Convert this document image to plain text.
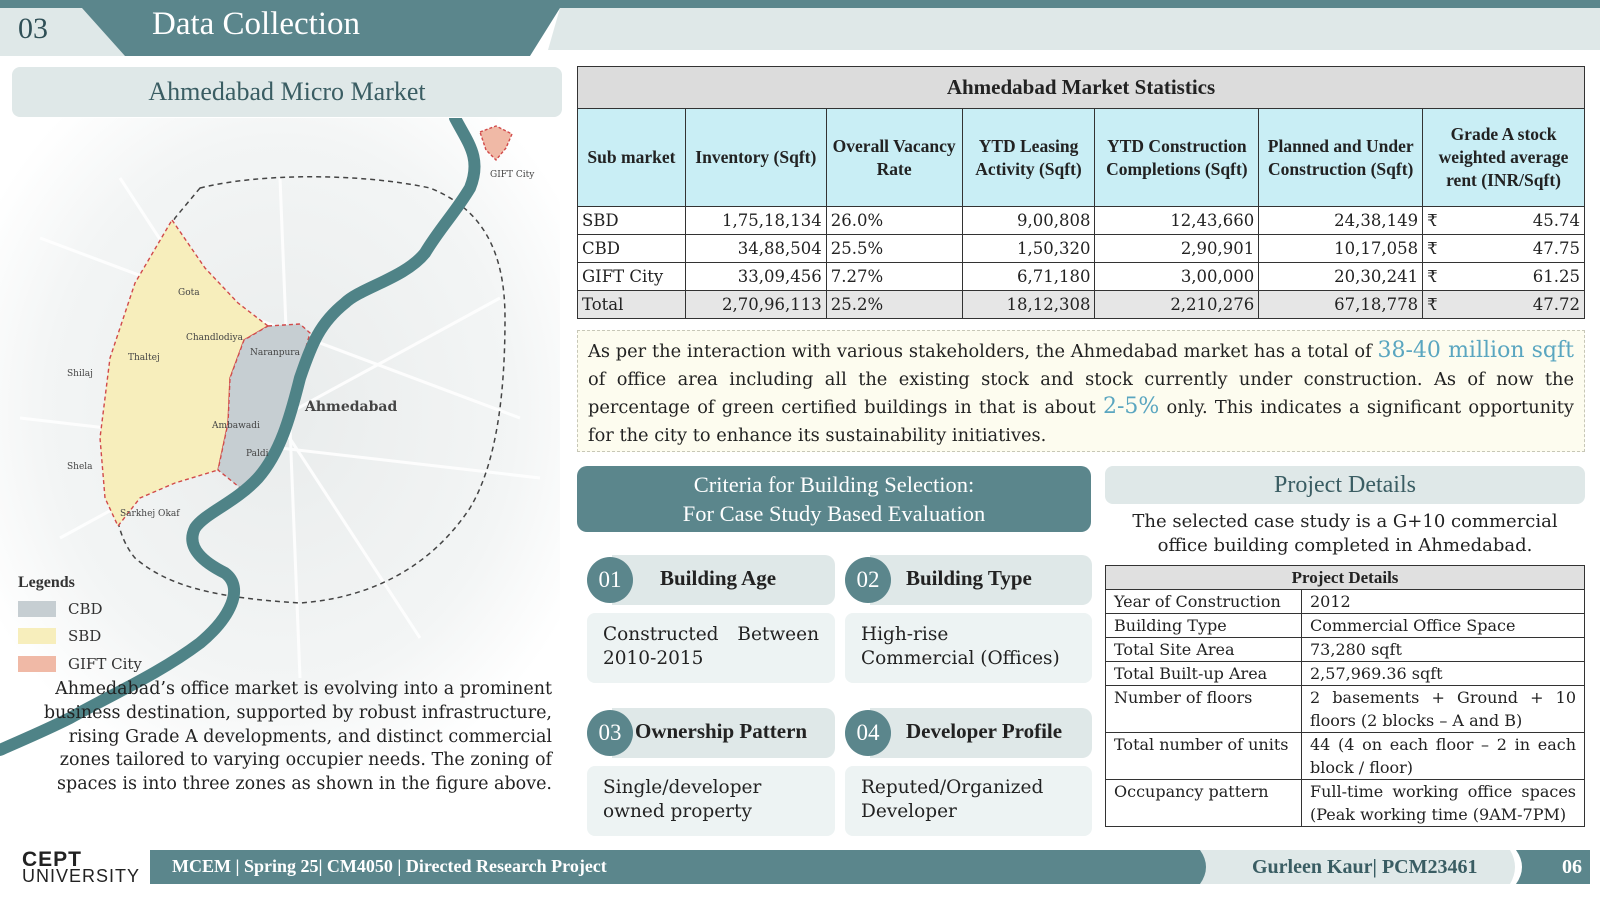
03	Data Collection
Ahmedabad Micro Market
GIFT City
Gota
Chandlodiya
Thaltej	Naranpura
Shilaj
Ahmedabad
Ambawadi
Paldi
Shela
Sarkhej Okaf
Legends
CBD
SBD
GIFT City
Ahmedabad’s office market is evolving into a prominent business destination, supported by robust infrastructure, rising Grade A developments, and distinct commercial zones tailored to varying occupier needs. The zoning of spaces is into three zones as shown in the figure above.
Ahmedabad Market Statistics						
Sub market	Inventory (Sqft)	Overall Vacancy Rate	YTD Leasing Activity (Sqft)	YTD Construction Completions (Sqft)	Planned and Under Construction (Sqft)	Grade A stock weighted average rent (INR/Sqft)
SBD	1,75,18,134	26.0%	9,00,808	12,43,660	24,38,149	₹ 45.74

CBD	34,88,504	25.5%	1,50,320	2,90,901	10,17,058	₹ 47.75

GIFT City	33,09,456	7.27%	6,71,180	3,00,000	20,30,241	₹ 61.25

Total	2,70,96,113	25.2%	18,12,308	2,210,276	67,18,778	₹ 47.72
As per the interaction with various stakeholders, the Ahmedabad market has a total of 38-40 million sqft of office area including all the existing stock and stock currently under construction. As of now the percentage of green certified buildings in that is about 2-5% only. This indicates a significant opportunity for the city to enhance its sustainability initiatives.
Criteria for Building Selection:
For Case Study Based Evaluation
01	Building Age
Constructed Between
2010-2015
02	Building Type
High-rise
Commercial (Offices)
03 Ownership Pattern
Single/developer
owned property
04	Developer Profile
Reputed/Organized
Developer
Project Details
The selected case study is a G+10 commercial office building completed in Ahmedabad.
Project Details	
Year of Construction	2012
Building Type	Commercial Office Space
Total Site Area	73,280 sqft
Total Built-up Area	2,57,969.36 sqft
Number of floors	2 basements + Ground + 10 floors (2 blocks – A and B)
Total number of units	44 (4 on each floor – 2 in each block / floor)
Occupancy pattern	Full-time working office spaces (Peak working time (9AM-7PM)
CEPT
UNIVERSITY MCEM | Spring 25| CM4050 | Directed Research Project	Gurleen Kaur| PCM23461	06
